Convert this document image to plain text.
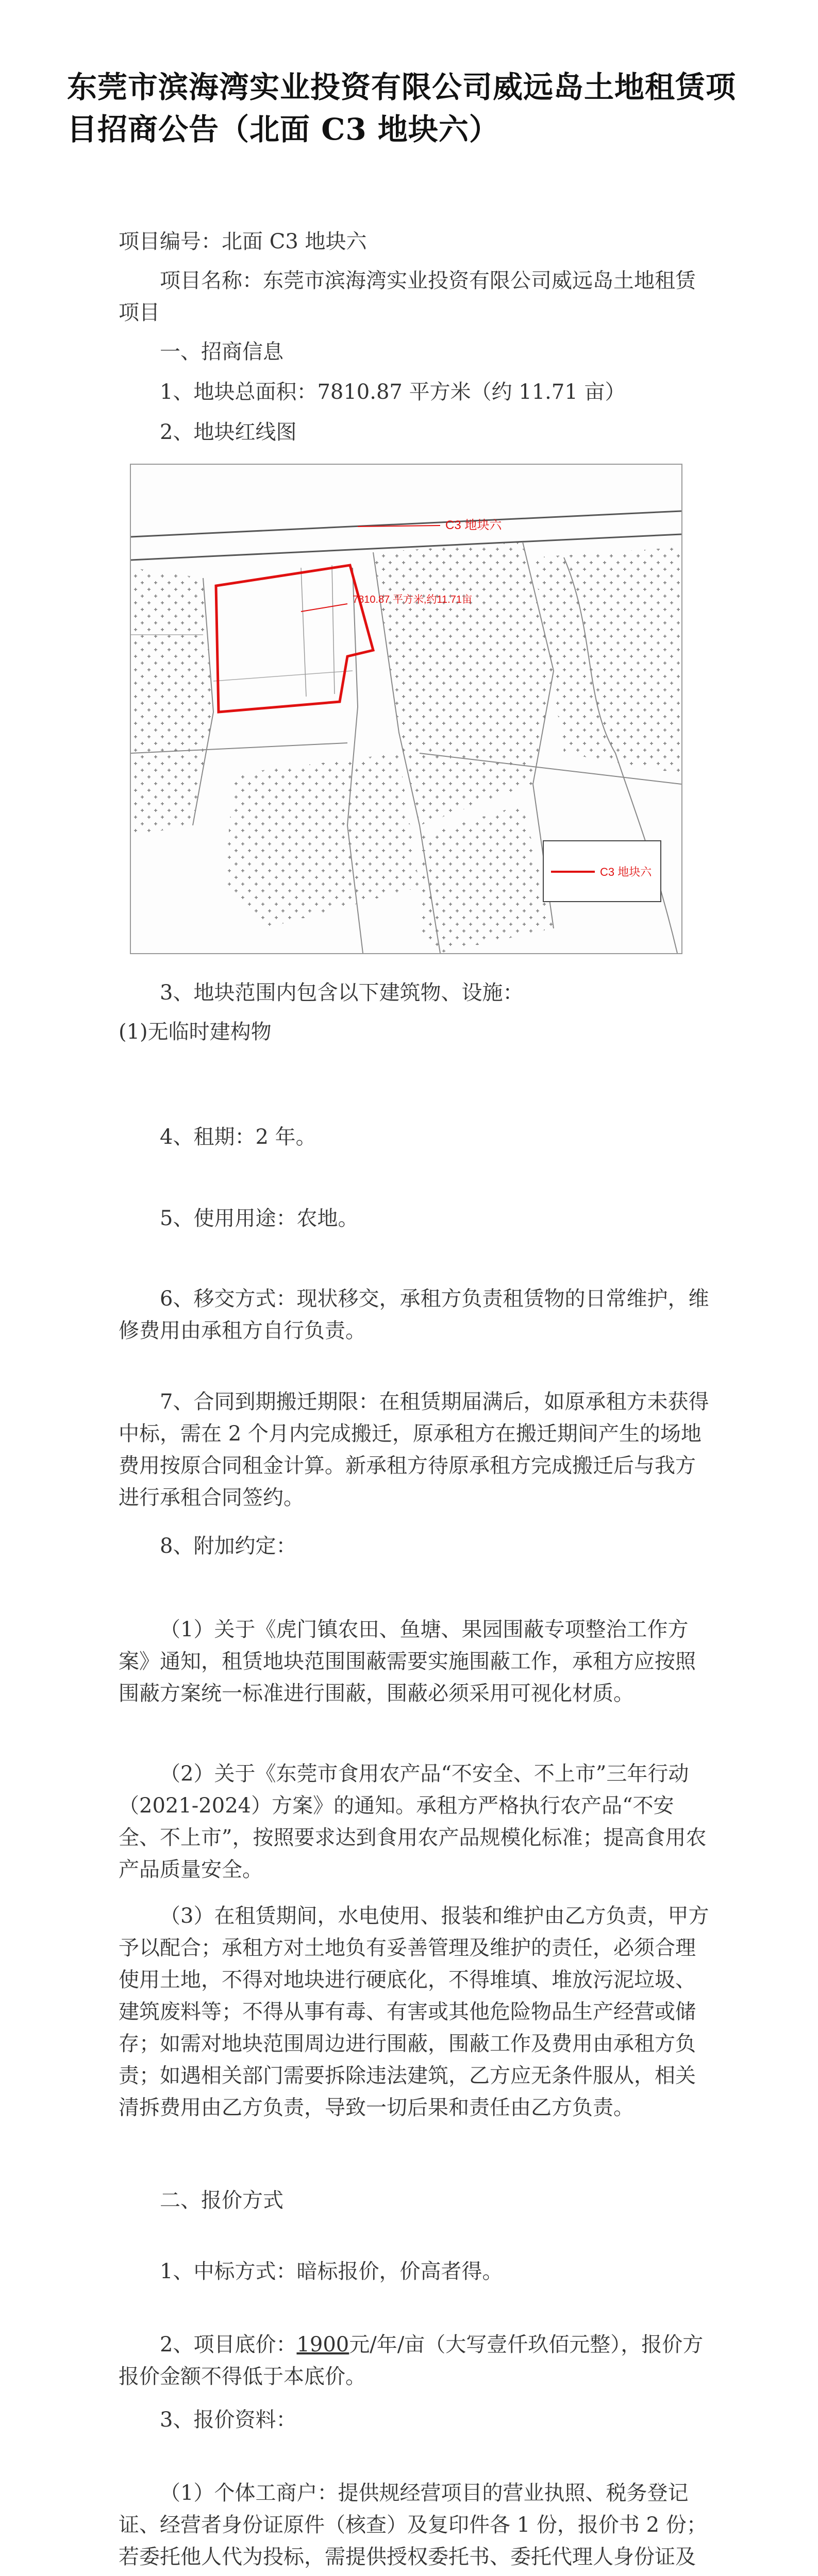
东莞市滨海湾实业投资有限公司威远岛土地租赁项目招商公告（北面 C3 地块六）
项目编号：北面 C3 地块六
项目名称：东莞市滨海湾实业投资有限公司威远岛土地租赁项目
一、招商信息
1、地块总面积：7810.87 平方米（约 11.71 亩）
2、地块红线图
C3 地块六
7810.87 平方米,约11.71亩
C3 地块六
3、地块范围内包含以下建筑物、设施：
(1)无临时建构物
4、租期：2 年。
5、使用用途：农地。
6、移交方式：现状移交，承租方负责租赁物的日常维护，维修费用由承租方自行负责。
7、合同到期搬迁期限：在租赁期届满后，如原承租方未获得中标，需在 2 个月内完成搬迁，原承租方在搬迁期间产生的场地费用按原合同租金计算。新承租方待原承租方完成搬迁后与我方进行承租合同签约。
8、附加约定：
（1）关于《虎门镇农田、鱼塘、果园围蔽专项整治工作方案》通知，租赁地块范围围蔽需要实施围蔽工作，承租方应按照围蔽方案统一标准进行围蔽，围蔽必须采用可视化材质。
（2）关于《东莞市食用农产品“不安全、不上市”三年行动（2021-2024）方案》的通知。承租方严格执行农产品“不安全、不上市”，按照要求达到食用农产品规模化标准；提高食用农产品质量安全。
（3）在租赁期间，水电使用、报装和维护由乙方负责，甲方予以配合；承租方对土地负有妥善管理及维护的责任，必须合理使用土地，不得对地块进行硬底化，不得堆填、堆放污泥垃圾、建筑废料等；不得从事有毒、有害或其他危险物品生产经营或储存；如需对地块范围周边进行围蔽，围蔽工作及费用由承租方负责；如遇相关部门需要拆除违法建筑，乙方应无条件服从，相关清拆费用由乙方负责，导致一切后果和责任由乙方负责。
二、报价方式
1、中标方式：暗标报价，价高者得。
2、项目底价：1900元/年/亩（大写壹仟玖佰元整），报价方报价金额不得低于本底价。
3、报价资料：
（1）个体工商户：提供规经营项目的营业执照、税务登记证、经营者身份证原件（核查）及复印件各 1 份，报价书 2 份；若委托他人代为投标，需提供授权委托书、委托代理人身份证及
